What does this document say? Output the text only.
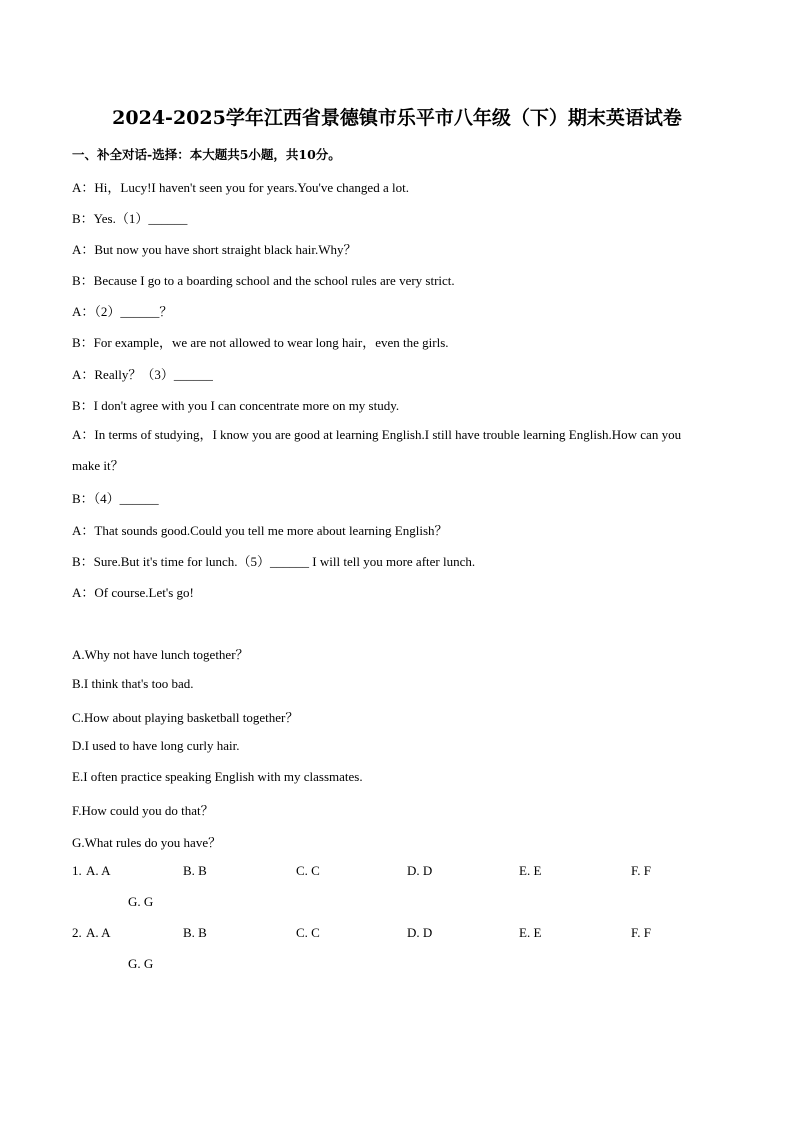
2024-2025学年江西省景德镇市乐平市八年级（下）期末英语试卷
一、补全对话-选择：本大题共5小题，共10分。
A：Hi，Lucy!I haven't seen you for years.You've changed a lot.
B：Yes.（1）______
A：But now you have short straight black hair.Why？
B：Because I go to a boarding school and the school rules are very strict.
A：（2）______？
B：For example，we are not allowed to wear long hair，even the girls.
A：Really？（3）______
B：I don't agree with you I can concentrate more on my study.
A：In terms of studying，I know you are good at learning English.I still have trouble learning English.How can you make it？
B：（4）______
A：That sounds good.Could you tell me more about learning English？
B：Sure.But it's time for lunch.（5）______ I will tell you more after lunch.
A：Of course.Let's go!
A.Why not have lunch together？
B.I think that's too bad.
C.How about playing basketball together？
D.I used to have long curly hair.
E.I often practice speaking English with my classmates.
F.How could you do that？
G.What rules do you have？
1. A. A	B. B	C. C	D. D	E. E	F. F
G. G
2. A. A	B. B	C. C	D. D	E. E	F. F
G. G
